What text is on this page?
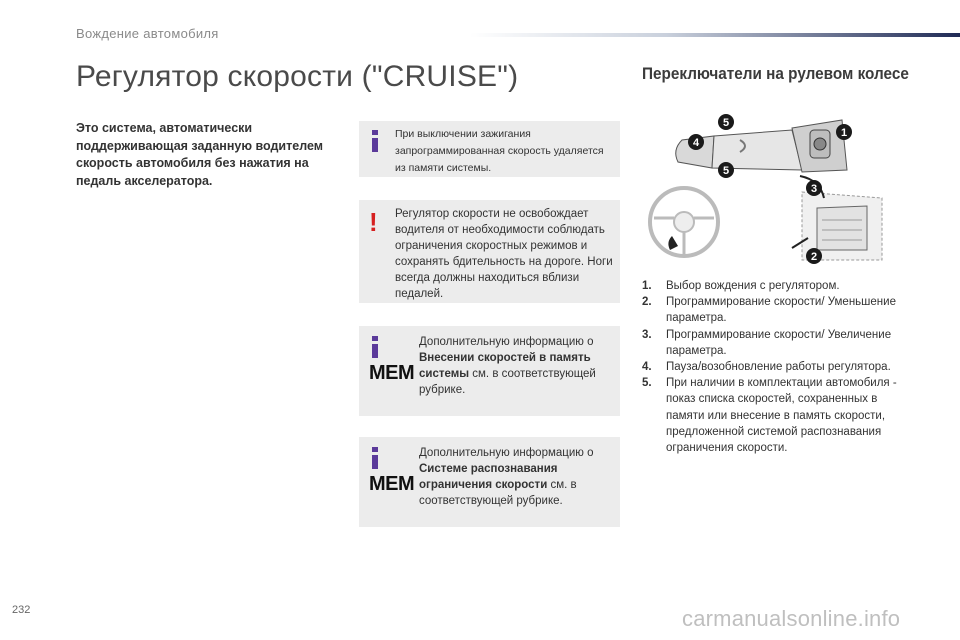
Вождение автомобиля
Регулятор скорости ("CRUISE")
Это система, автоматически поддерживающая заданную водителем скорость автомобиля без нажатия на педаль акселератора.
При выключении зажигания запрограммированная скорость удаляется из памяти системы.
! Регулятор скорости не освобождает водителя от необходимости соблюдать ограничения скоростных режимов и сохранять бдительность на дороге. Ноги всегда должны находиться вблизи педалей.
MEM
Дополнительную информацию о Внесении скоростей в память системы см. в соответствующей рубрике.
MEM
Дополнительную информацию о Системе распознавания ограничения скорости см. в соответствующей рубрике.
Переключатели на рулевом колесе
5
4
5
1
3
2
1. Выбор вождения с регулятором.
2. Программирование скорости/ Уменьшение параметра.
3. Программирование скорости/ Увеличение параметра.
4. Пауза/возобновление работы регулятора.
5. При наличии в комплектации автомобиля - показ списка скоростей, сохраненных в памяти или внесение в память скорости, предложенной системой распознавания ограничения скорости.
232	carmanualsonline.info
